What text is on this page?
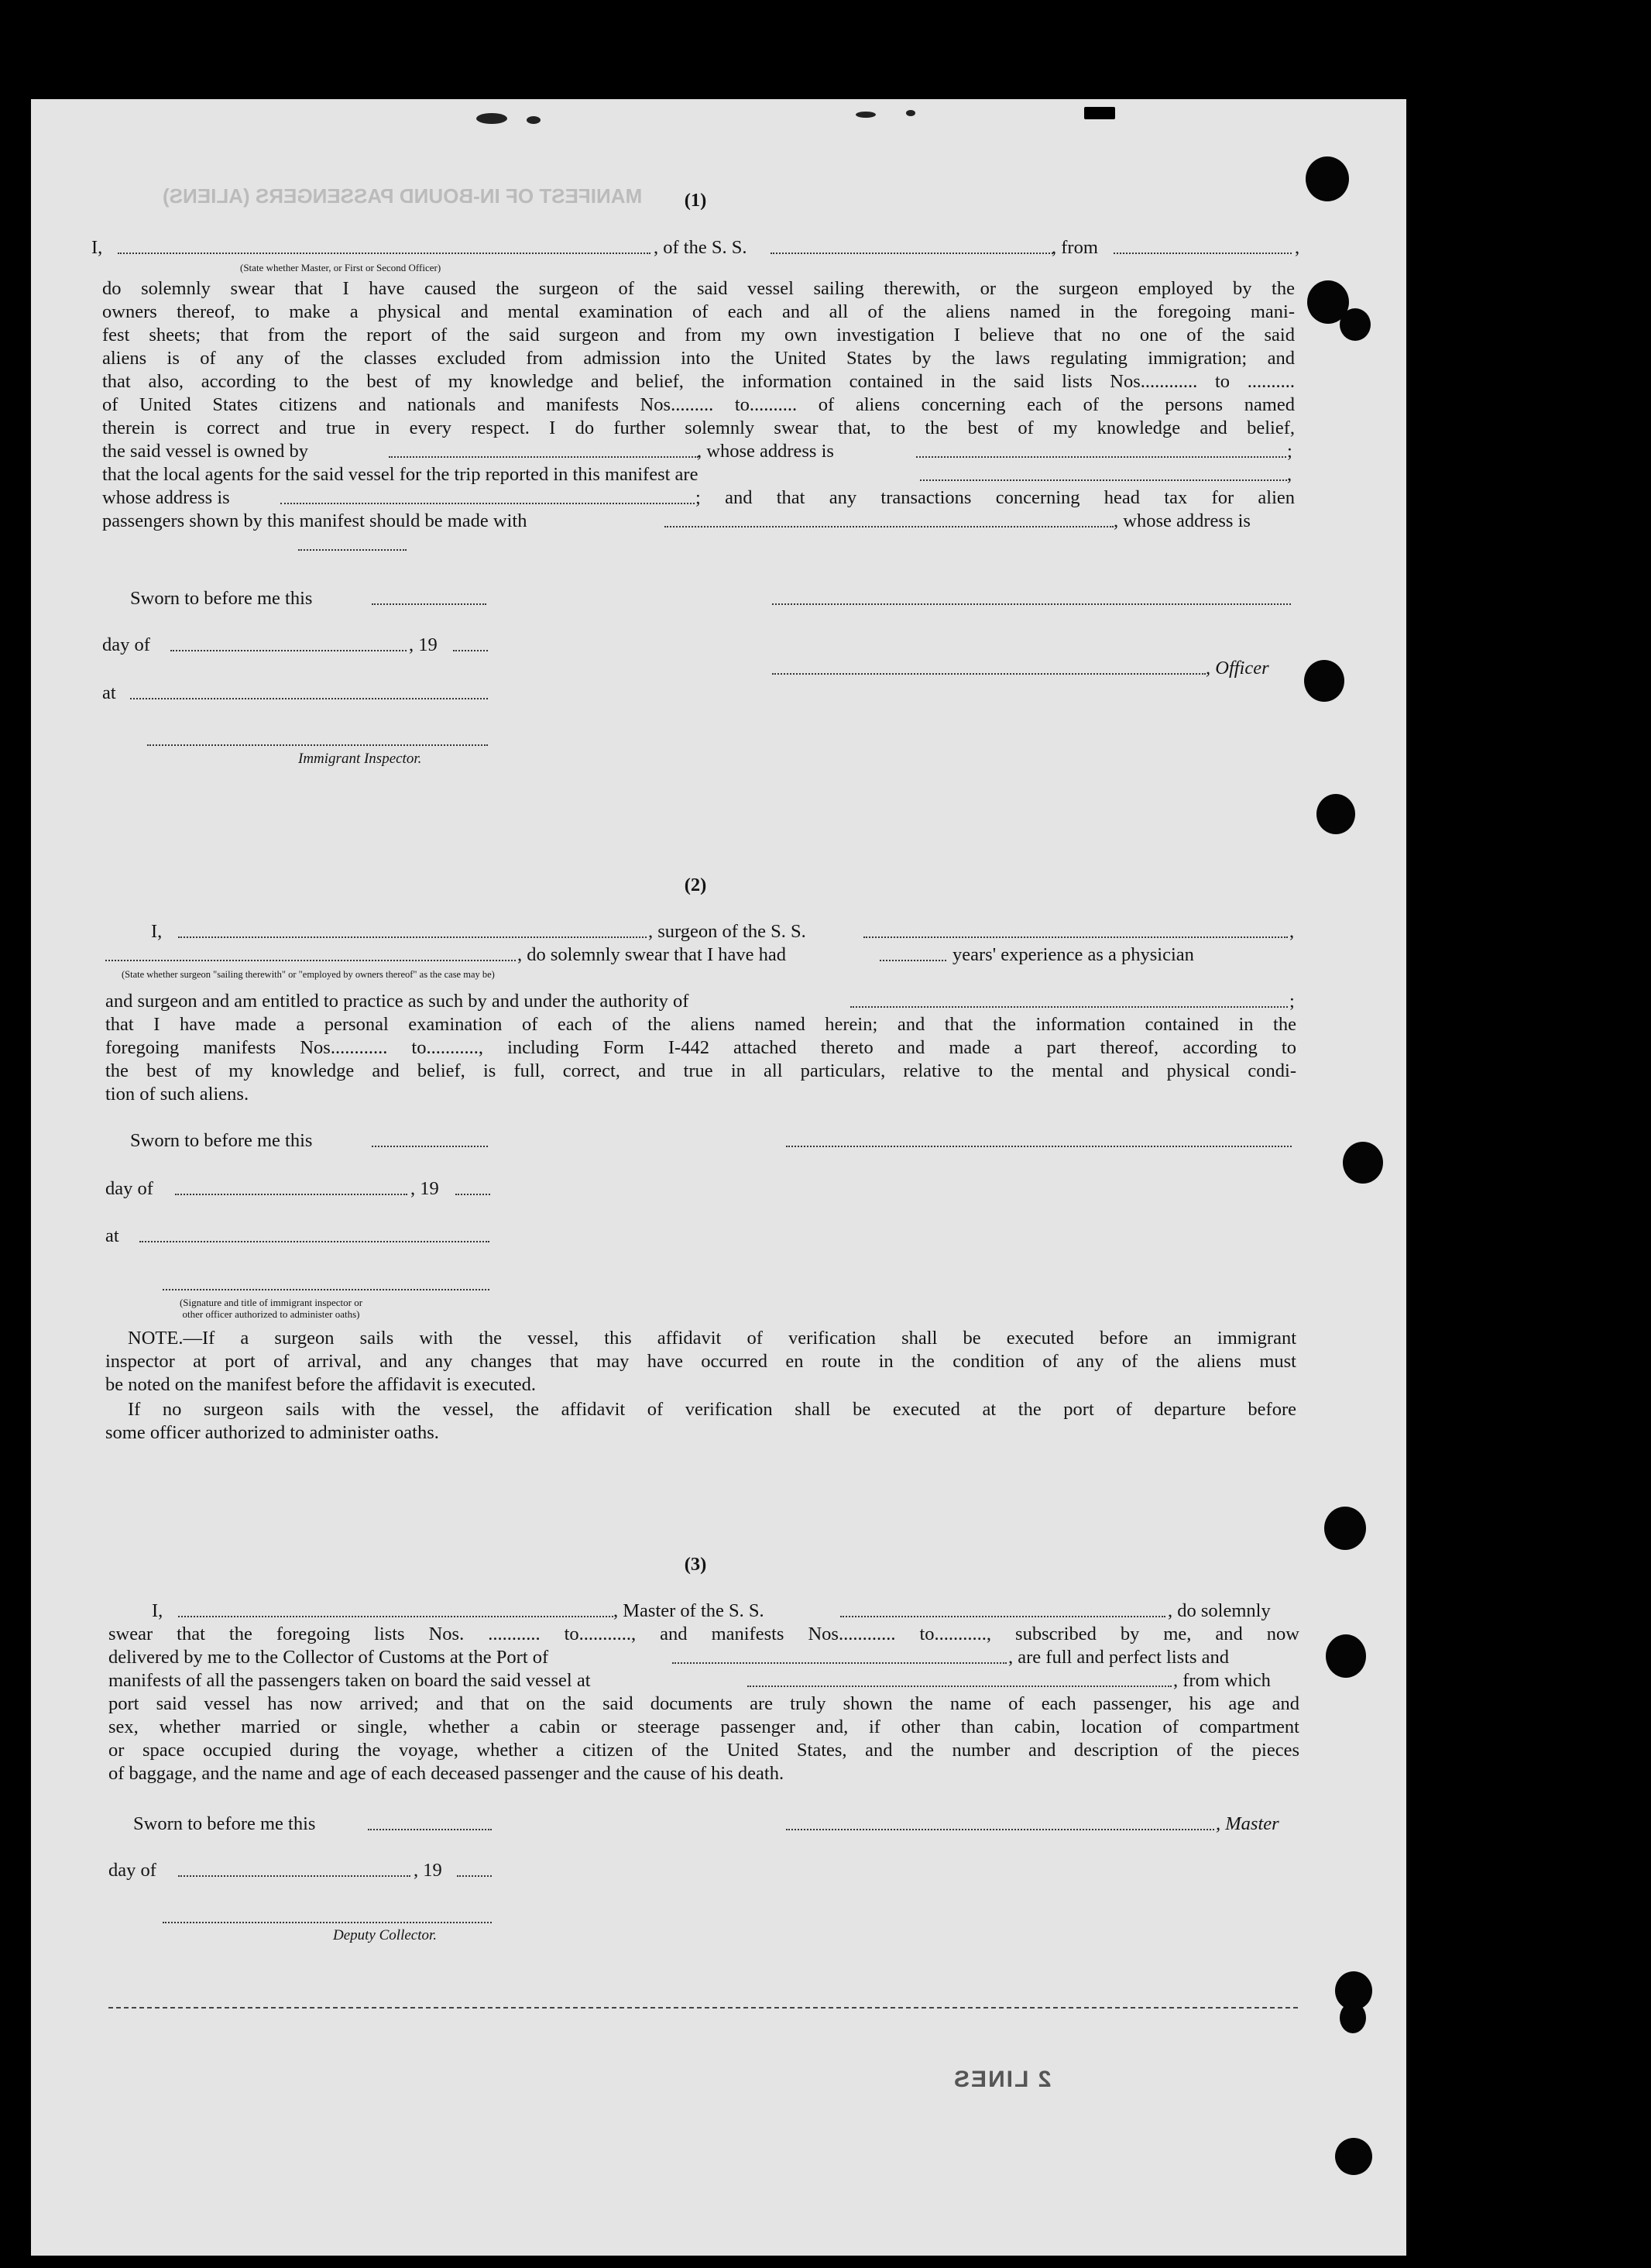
MANIFEST OF IN-BOUND PASSENGERS (ALIENS)	(1)
I,	, of the S. S.	, from	,
(State whether Master, or First or Second Officer)
do solemnly swear that I have caused the surgeon of the said vessel sailing therewith, or the surgeon employed by the
owners thereof, to make a physical and mental examination of each and all of the aliens named in the foregoing mani-
fest sheets; that from the report of the said surgeon and from my own investigation I believe that no one of the said
aliens is of any of the classes excluded from admission into the United States by the laws regulating immigration; and
that also, according to the best of my knowledge and belief, the information contained in the said lists Nos............ to ..........
of United States citizens and nationals and manifests Nos......... to.......... of aliens concerning each of the persons named
therein is correct and true in every respect. I do further solemnly swear that, to the best of my knowledge and belief,
the said vessel is owned by	, whose address is	;
that the local agents for the said vessel for the trip reported in this manifest are	,
whose address is	; and that any transactions concerning head tax for alien
passengers shown by this manifest should be made with	, whose address is
Sworn to before me this
day of	, 19
, Officer
at
Immigrant Inspector.
(2)
I,	, surgeon of the S. S.	,
, do solemnly swear that I have had	years' experience as a physician
(State whether surgeon "sailing therewith" or "employed by owners thereof" as the case may be)
and surgeon and am entitled to practice as such by and under the authority of	;
that I have made a personal examination of each of the aliens named herein; and that the information contained in the
foregoing manifests Nos............ to..........., including Form I-442 attached thereto and made a part thereof, according to
the best of my knowledge and belief, is full, correct, and true in all particulars, relative to the mental and physical condi-
tion of such aliens.
Sworn to before me this
day of	, 19
at
(Signature and title of immigrant inspector or
other officer authorized to administer oaths)
NOTE.—If a surgeon sails with the vessel, this affidavit of verification shall be executed before an immigrant
inspector at port of arrival, and any changes that may have occurred en route in the condition of any of the aliens must
be noted on the manifest before the affidavit is executed.
If no surgeon sails with the vessel, the affidavit of verification shall be executed at the port of departure before
some officer authorized to administer oaths.
(3)
I,	, Master of the S. S.	, do solemnly
swear that the foregoing lists Nos. ........... to..........., and manifests Nos............ to..........., subscribed by me, and now
delivered by me to the Collector of Customs at the Port of	, are full and perfect lists and
manifests of all the passengers taken on board the said vessel at	, from which
port said vessel has now arrived; and that on the said documents are truly shown the name of each passenger, his age and
sex, whether married or single, whether a cabin or steerage passenger and, if other than cabin, location of compartment
or space occupied during the voyage, whether a citizen of the United States, and the number and description of the pieces
of baggage, and the name and age of each deceased passenger and the cause of his death.
Sworn to before me this	, Master
day of	, 19
Deputy Collector.
2 LINES
